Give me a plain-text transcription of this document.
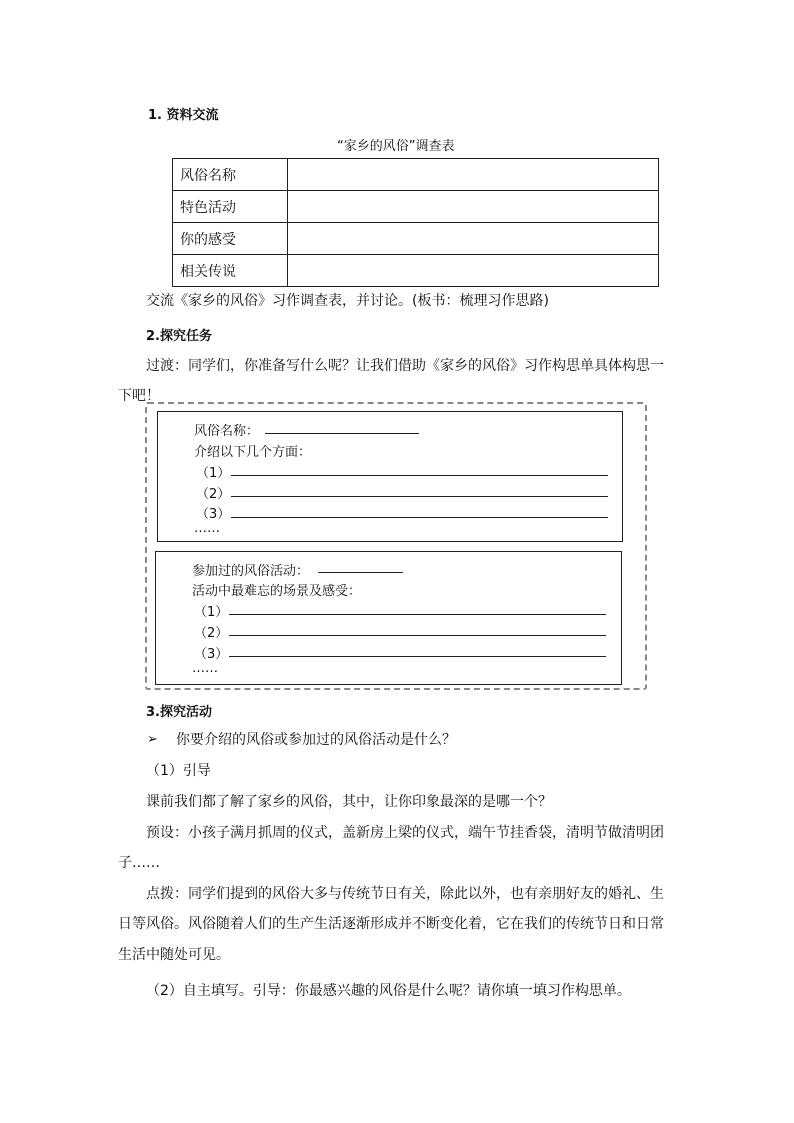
1. 资料交流
“家乡的风俗”调查表
风俗名称	
特色活动	
你的感受	
相关传说	
交流《家乡的风俗》习作调查表，并讨论。(板书：梳理习作思路)
2.探究任务
过渡：同学们，你准备写什么呢？让我们借助《家乡的风俗》习作构思单具体构思一
下吧！
风俗名称：
介绍以下几个方面：
（1）
（2）
（3）
……
参加过的风俗活动：
活动中最难忘的场景及感受：
（1）
（2）
（3）
……
3.探究活动
➢ 你要介绍的风俗或参加过的风俗活动是什么？
（1）引导
课前我们都了解了家乡的风俗，其中，让你印象最深的是哪一个？
预设：小孩子满月抓周的仪式，盖新房上梁的仪式，端午节挂香袋，清明节做清明团
子……
点拨：同学们提到的风俗大多与传统节日有关，除此以外，也有亲朋好友的婚礼、生
日等风俗。风俗随着人们的生产生活逐渐形成并不断变化着，它在我们的传统节日和日常
生活中随处可见。
（2）自主填写。引导：你最感兴趣的风俗是什么呢？请你填一填习作构思单。
